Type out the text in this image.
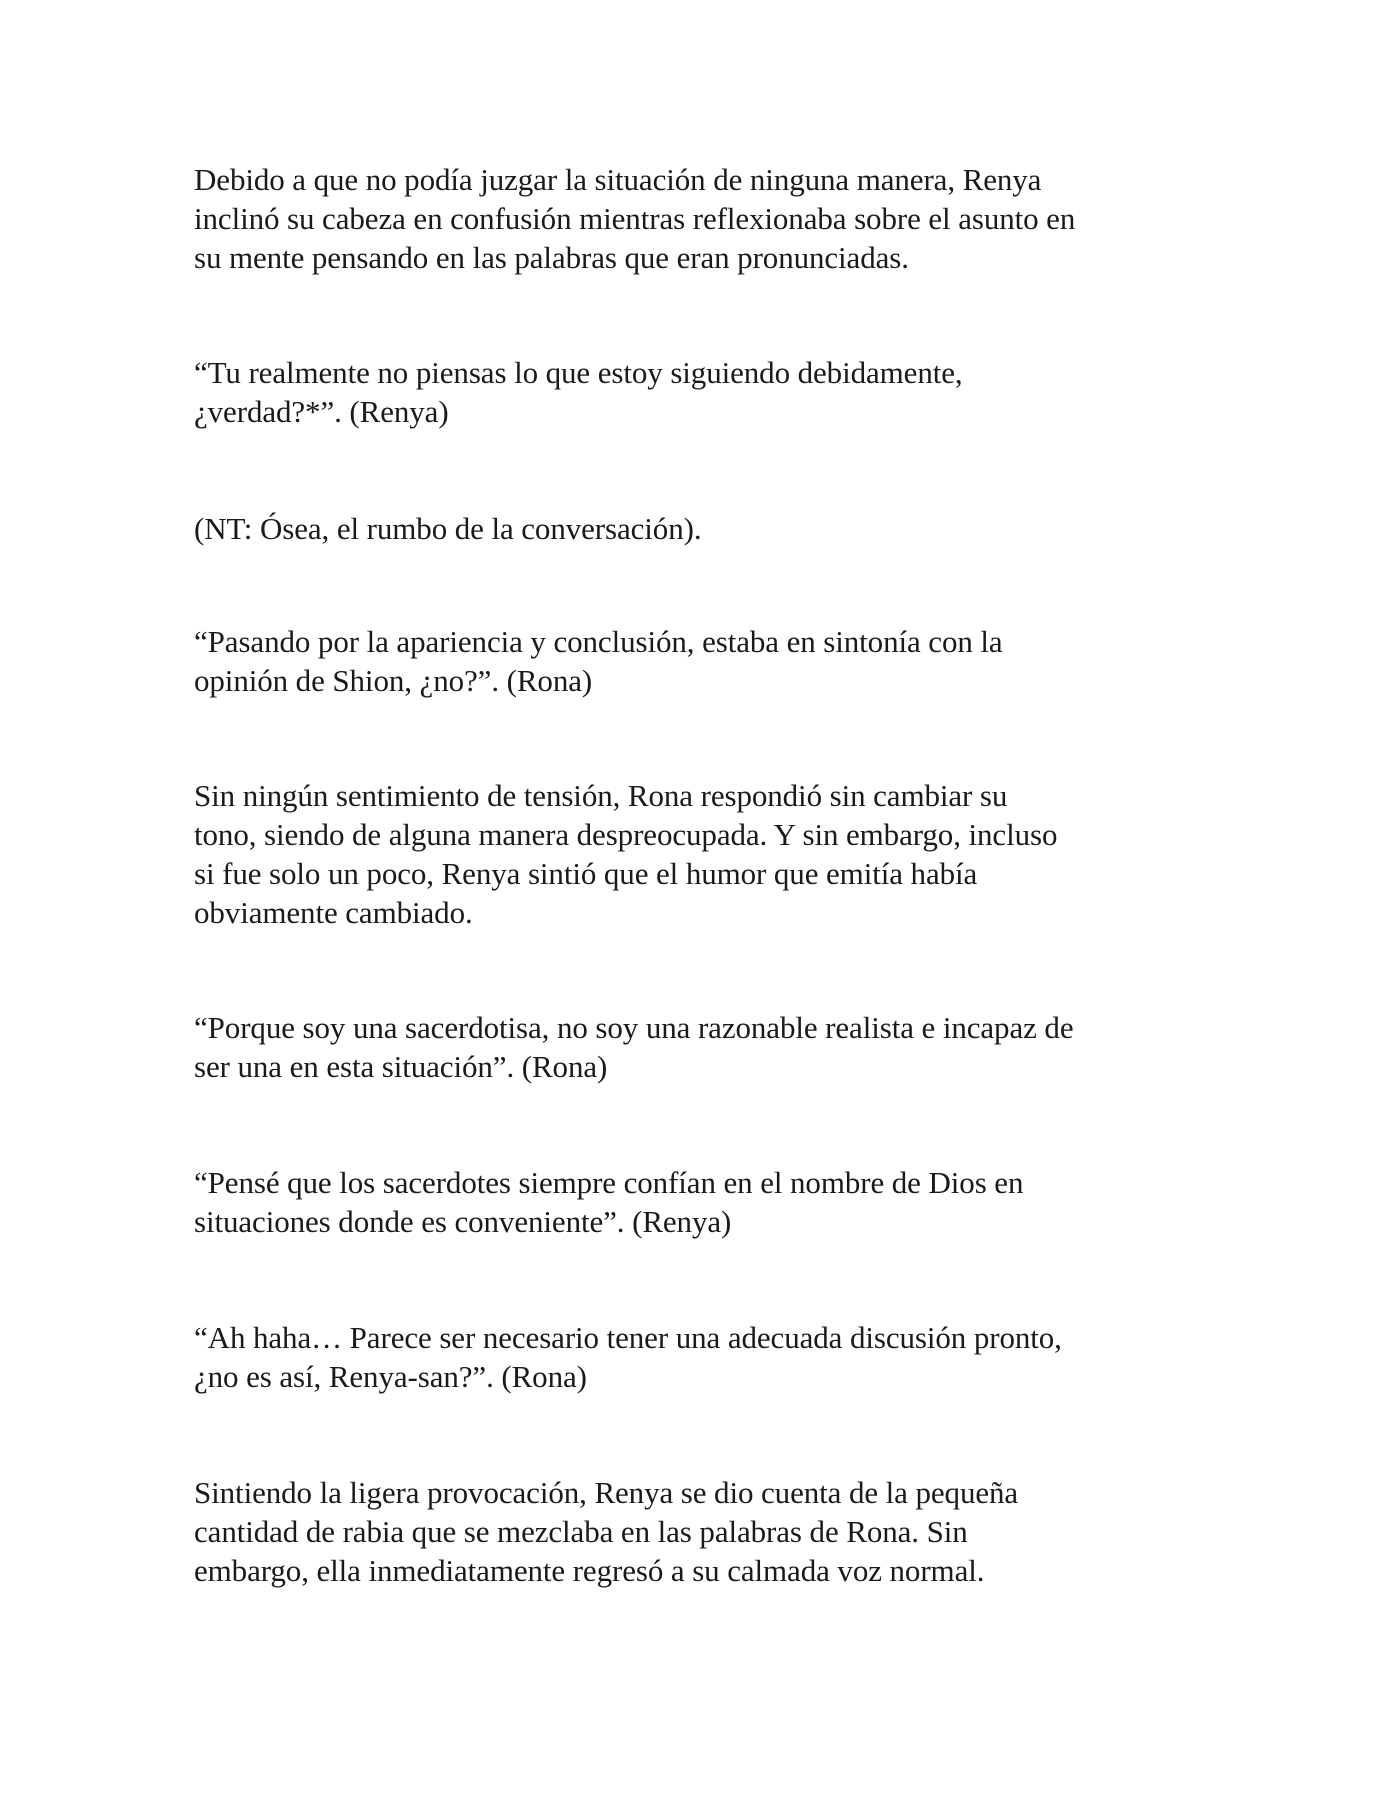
Debido a que no podía juzgar la situación de ninguna manera, Renya
inclinó su cabeza en confusión mientras reflexionaba sobre el asunto en
su mente pensando en las palabras que eran pronunciadas.

“Tu realmente no piensas lo que estoy siguiendo debidamente,
¿verdad?*”. (Renya)

(NT: Ósea, el rumbo de la conversación).

“Pasando por la apariencia y conclusión, estaba en sintonía con la
opinión de Shion, ¿no?”. (Rona)

Sin ningún sentimiento de tensión, Rona respondió sin cambiar su
tono, siendo de alguna manera despreocupada. Y sin embargo, incluso
si fue solo un poco, Renya sintió que el humor que emitía había
obviamente cambiado.

“Porque soy una sacerdotisa, no soy una razonable realista e incapaz de
ser una en esta situación”. (Rona)

“Pensé que los sacerdotes siempre confían en el nombre de Dios en
situaciones donde es conveniente”. (Renya)

“Ah haha… Parece ser necesario tener una adecuada discusión pronto,
¿no es así, Renya-san?”. (Rona)

Sintiendo la ligera provocación, Renya se dio cuenta de la pequeña
cantidad de rabia que se mezclaba en las palabras de Rona. Sin
embargo, ella inmediatamente regresó a su calmada voz normal.
